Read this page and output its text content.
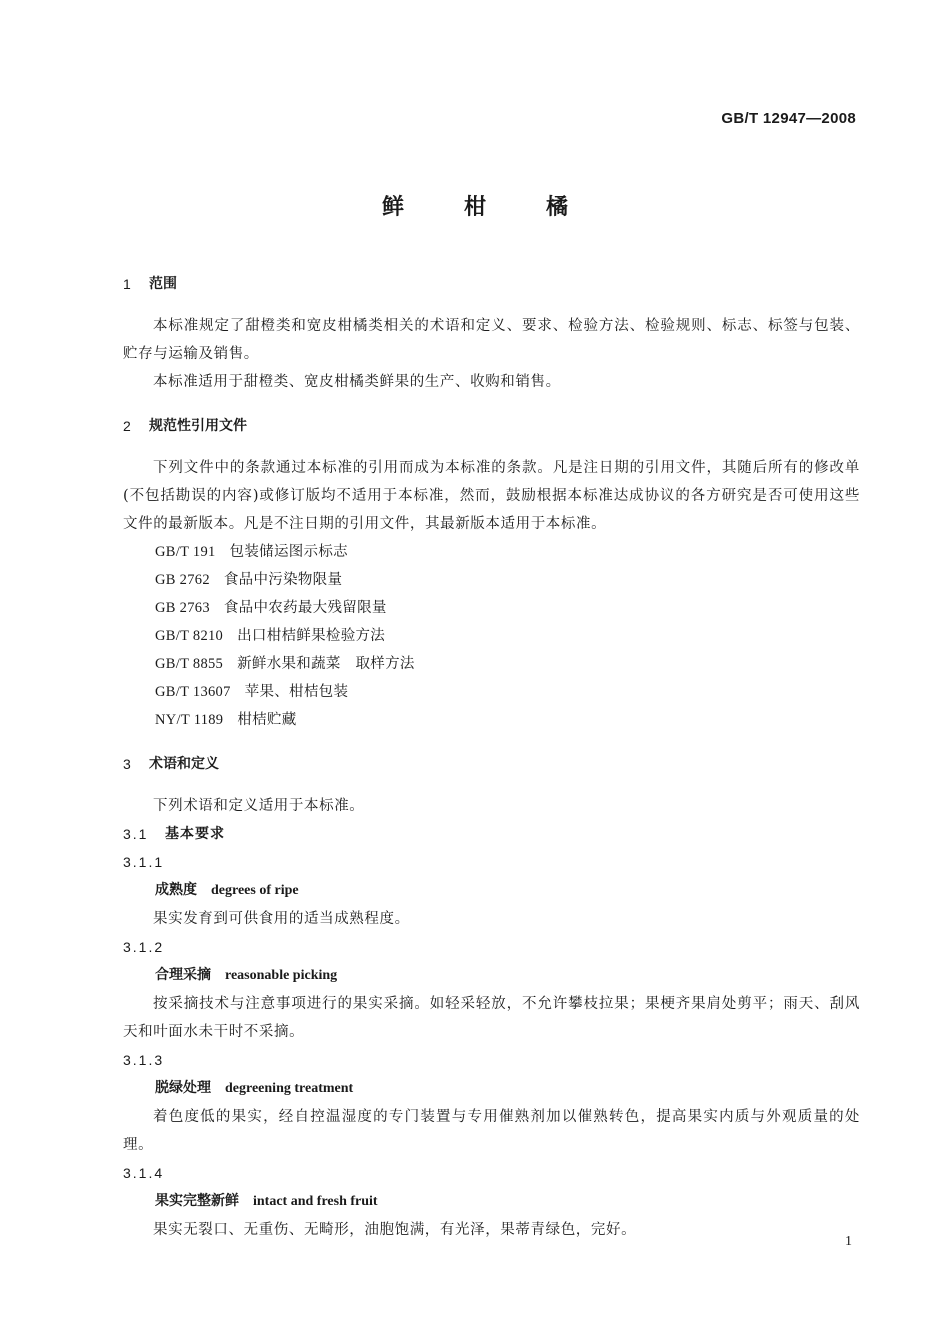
GB/T 12947—2008
鲜柑橘
1	范围

本标准规定了甜橙类和宽皮柑橘类相关的术语和定义、要求、检验方法、检验规则、标志、标签与包装、贮存与运输及销售。

本标准适用于甜橙类、宽皮柑橘类鲜果的生产、收购和销售。

2	规范性引用文件

下列文件中的条款通过本标准的引用而成为本标准的条款。凡是注日期的引用文件，其随后所有的修改单(不包括勘误的内容)或修订版均不适用于本标准，然而，鼓励根据本标准达成协议的各方研究是否可使用这些文件的最新版本。凡是不注日期的引用文件，其最新版本适用于本标准。

GB/T 191 包装储运图示标志

GB 2762 食品中污染物限量

GB 2763 食品中农药最大残留限量

GB/T 8210 出口柑桔鲜果检验方法

GB/T 8855 新鲜水果和蔬菜　取样方法

GB/T 13607 苹果、柑桔包装

NY/T 1189 柑桔贮藏

3	术语和定义

下列术语和定义适用于本标准。

3.1	基本要求
3.1.1

成熟度 degrees of ripe

果实发育到可供食用的适当成熟程度。

3.1.2

合理采摘 reasonable picking

按采摘技术与注意事项进行的果实采摘。如轻采轻放，不允许攀枝拉果；果梗齐果肩处剪平；雨天、刮风天和叶面水未干时不采摘。

3.1.3

脱绿处理 degreening treatment

着色度低的果实，经自控温湿度的专门装置与专用催熟剂加以催熟转色，提高果实内质与外观质量的处理。

3.1.4

果实完整新鲜 intact and fresh fruit

果实无裂口、无重伤、无畸形，油胞饱满，有光泽，果蒂青绿色，完好。

1
